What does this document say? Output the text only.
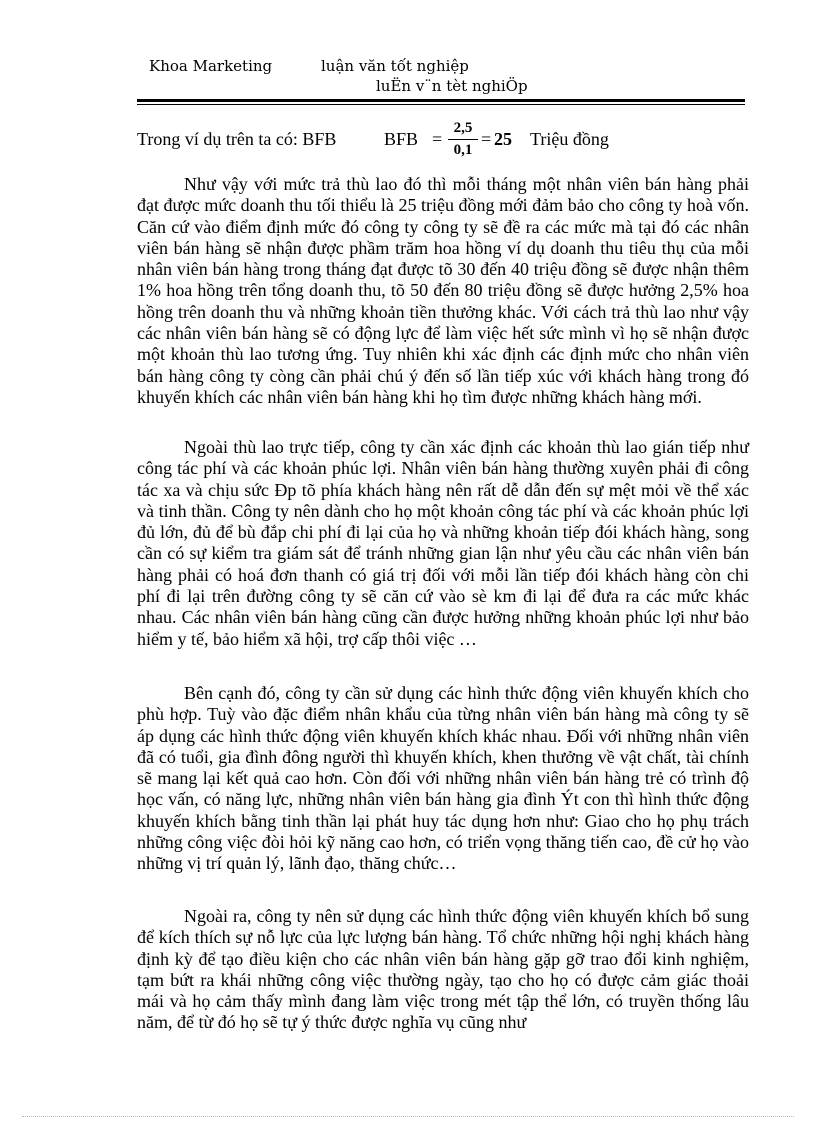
Khoa Marketing	luận văn tốt nghiệp
luËn v¨n tèt nghiÖp
Trong ví dụ trên ta có: BFB	BFB =
2,5
0,1
= 25 Triệu đồng

Như vậy với mức trả thù lao đó thì mỗi tháng một nhân viên bán hàng phải đạt được mức doanh thu tối thiểu là 25 triệu đồng mới đảm bảo cho công ty hoà vốn. Căn cứ vào điểm định mức đó công ty công ty sẽ đề ra các mức mà tại đó các nhân viên bán hàng sẽ nhận được phầm trăm hoa hồng ví dụ doanh thu tiêu thụ của mỗi nhân viên bán hàng trong tháng đạt được tõ 30 đến 40 triệu đồng sẽ được nhận thêm 1% hoa hồng trên tổng doanh thu, tõ 50 đến 80 triệu đồng sẽ được hưởng 2,5% hoa hồng trên doanh thu và những khoản tiền thưởng khác. Với cách trả thù lao như vậy các nhân viên bán hàng sẽ có động lực để làm việc hết sức mình vì họ sẽ nhận được một khoản thù lao tương ứng. Tuy nhiên khi xác định các định mức cho nhân viên bán hàng công ty còng cần phải chú ý đến số lần tiếp xúc với khách hàng trong đó khuyến khích các nhân viên bán hàng khi họ tìm được những khách hàng mới.

Ngoài thù lao trực tiếp, công ty cần xác định các khoản thù lao gián tiếp như công tác phí và các khoản phúc lợi. Nhân viên bán hàng thường xuyên phải đi công tác xa và chịu sức Ðp tõ phía khách hàng nên rất dễ dẫn đến sự mệt mỏi về thể xác và tinh thần. Công ty nên dành cho họ một khoản công tác phí và các khoản phúc lợi đủ lớn, đủ để bù đắp chi phí đi lại của họ và những khoản tiếp đói khách hàng, song cần có sự kiểm tra giám sát để tránh những gian lận như yêu cầu các nhân viên bán hàng phải có hoá đơn thanh có giá trị đối với mỗi lần tiếp đói khách hàng còn chi phí đi lại trên đường công ty sẽ căn cứ vào sè km đi lại để đưa ra các mức khác nhau. Các nhân viên bán hàng cũng cần được hưởng những khoản phúc lợi như bảo hiểm y tế, bảo hiểm xã hội, trợ cấp thôi việc …

Bên cạnh đó, công ty cần sử dụng các hình thức động viên khuyến khích cho phù hợp. Tuỳ vào đặc điểm nhân khẩu của từng nhân viên bán hàng mà công ty sẽ áp dụng các hình thức động viên khuyến khích khác nhau. Đối với những nhân viên đã có tuổi, gia đình đông người thì khuyến khích, khen thưởng về vật chất, tài chính sẽ mang lại kết quả cao hơn. Còn đối với những nhân viên bán hàng trẻ có trình độ học vấn, có năng lực, những nhân viên bán hàng gia đình Ýt con thì hình thức động khuyến khích bằng tinh thần lại phát huy tác dụng hơn như: Giao cho họ phụ trách những công việc đòi hỏi kỹ năng cao hơn, có triển vọng thăng tiến cao, đề cử họ vào những vị trí quản lý, lãnh đạo, thăng chức…

Ngoài ra, công ty nên sử dụng các hình thức động viên khuyến khích bổ sung để kích thích sự nỗ lực của lực lượng bán hàng. Tổ chức những hội nghị khách hàng định kỳ để tạo điều kiện cho các nhân viên bán hàng gặp gỡ trao đổi kinh nghiệm, tạm bứt ra khái những công việc thường ngày, tạo cho họ có được cảm giác thoải mái và họ cảm thấy mình đang làm việc trong mét tập thể lớn, có truyền thống lâu năm, để từ đó họ sẽ tự ý thức được nghĩa vụ cũng như
